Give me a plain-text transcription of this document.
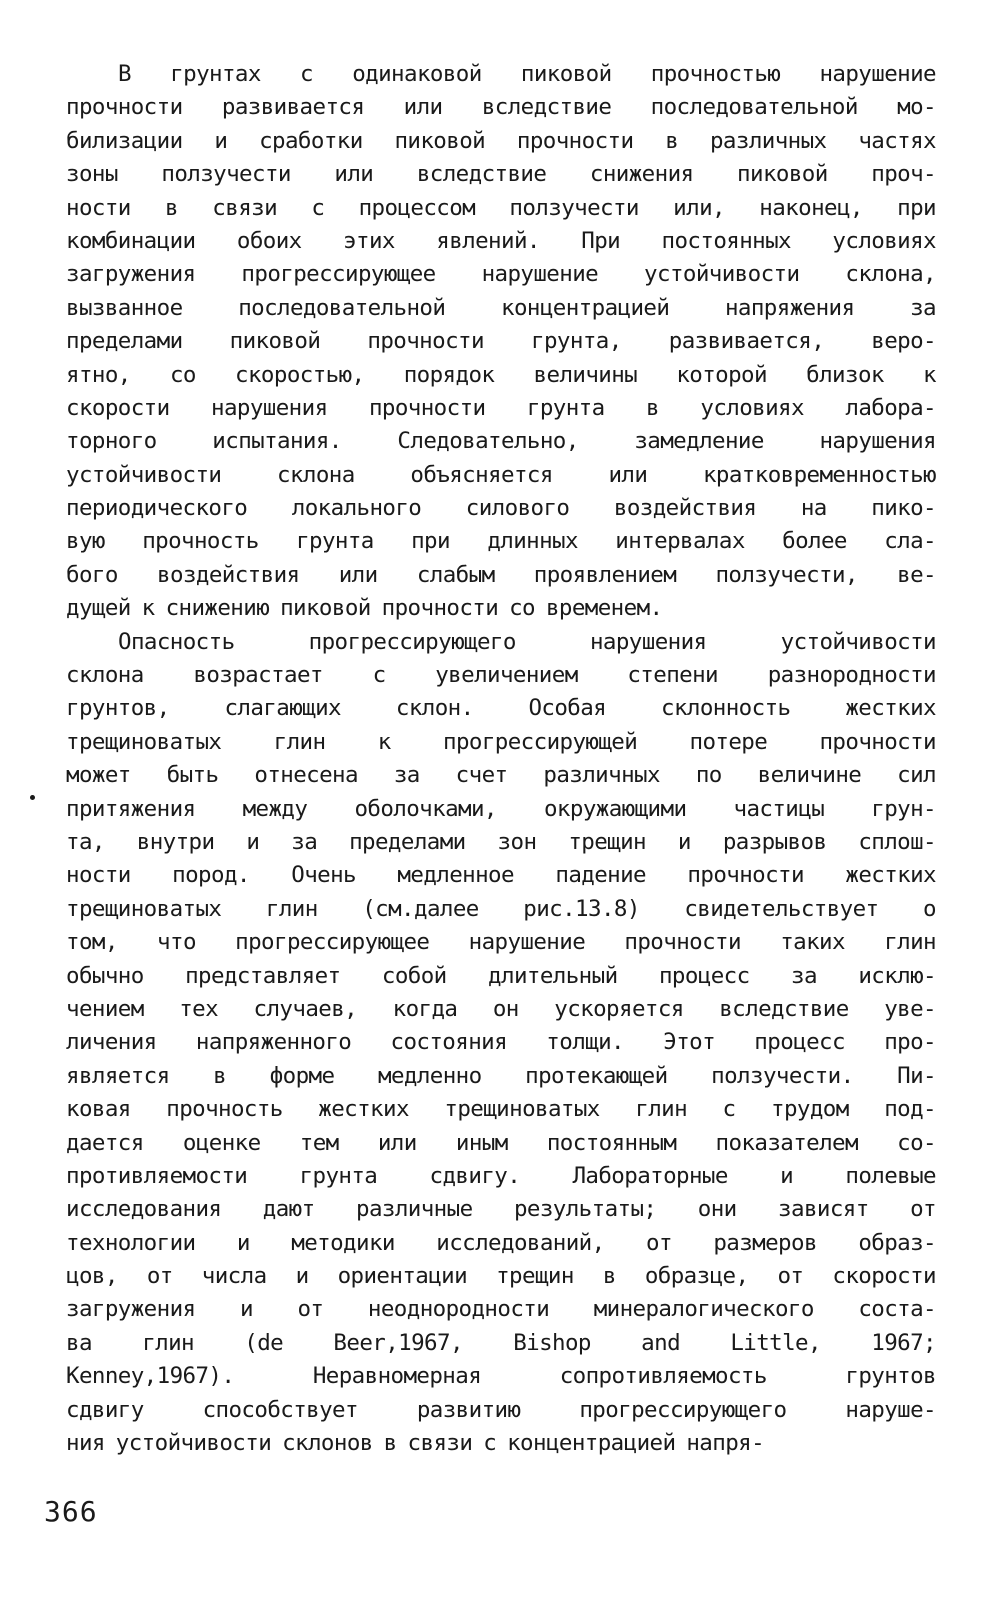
В грунтах с одинаковой пиковой прочностью нарушение
прочности развивается или вследствие последовательной мо-
билизации и сработки пиковой прочности в различных частях
зоны ползучести или вследствие снижения пиковой проч-
ности в связи с процессом ползучести или, наконец, при
комбинации обоих этих явлений. При постоянных условиях
загружения прогрессирующее нарушение устойчивости склона,
вызванное последовательной концентрацией напряжения за
пределами пиковой прочности грунта, развивается, веро-
ятно, со скоростью, порядок величины которой близок к
скорости нарушения прочности грунта в условиях лабора-
торного испытания. Следовательно, замедление нарушения
устойчивости склона объясняется или кратковременностью
периодического локального силового воздействия на пико-
вую прочность грунта при длинных интервалах более сла-
бого воздействия или слабым проявлением ползучести, ве-
дущей к снижению пиковой прочности со временем.
Опасность прогрессирующего нарушения устойчивости
склона возрастает с увеличением степени разнородности
грунтов, слагающих склон. Особая склонность жестких
трещиноватых глин к прогрессирующей потере прочности
может быть отнесена за счет различных по величине сил
притяжения между оболочками, окружающими частицы грун-
та, внутри и за пределами зон трещин и разрывов сплош-
ности пород. Очень медленное падение прочности жестких
трещиноватых глин (см.далее рис.13.8) свидетельствует о
том, что прогрессирующее нарушение прочности таких глин
обычно представляет собой длительный процесс за исклю-
чением тех случаев, когда он ускоряется вследствие уве-
личения напряженного состояния толщи. Этот процесс про-
является в форме медленно протекающей ползучести. Пи-
ковая прочность жестких трещиноватых глин с трудом под-
дается оценке тем или иным постоянным показателем со-
противляемости грунта сдвигу. Лабораторные и полевые
исследования дают различные результаты; они зависят от
технологии и методики исследований, от размеров образ-
цов, от числа и ориентации трещин в образце, от скорости
загружения и от неоднородности минералогического соста-
ва глин (de Beer,1967, Bishop and Little, 1967;
Kenney,1967). Неравномерная сопротивляемость грунтов
сдвигу способствует развитию прогрессирующего наруше-
ния устойчивости склонов в связи с концентрацией напря-
366
